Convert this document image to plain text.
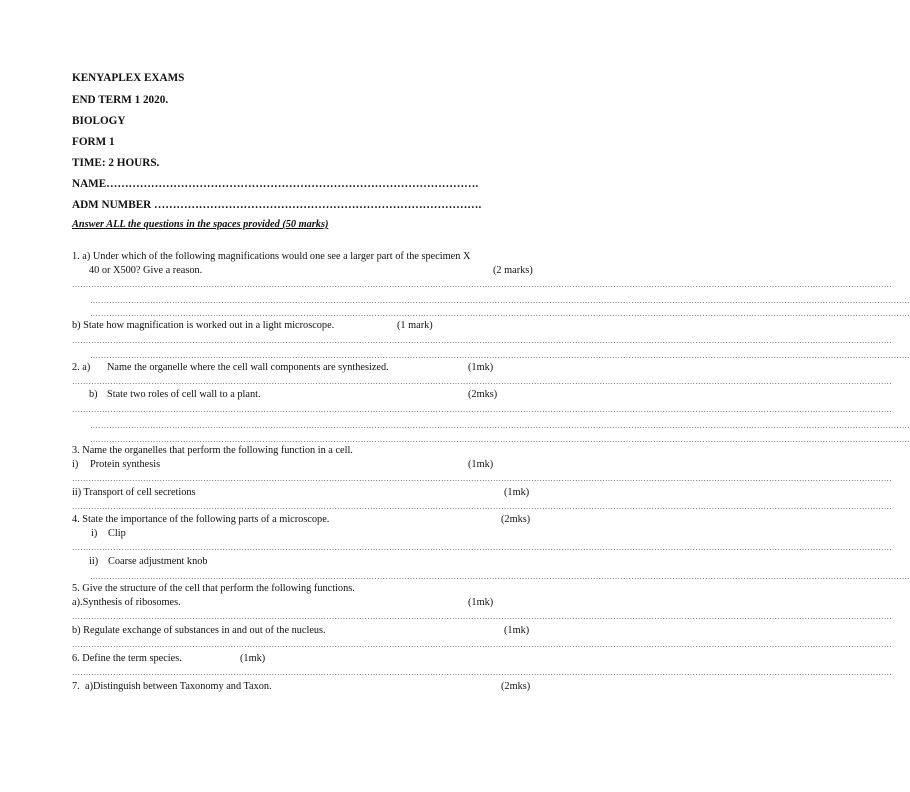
KENYAPLEX EXAMS
END TERM 1 2020.
BIOLOGY
FORM 1
TIME: 2 HOURS.
NAME……………………………………………………………………………………….
ADM NUMBER …………………………………………………………………………….
Answer ALL the questions in the spaces provided (50 marks)
1. a) Under which of the following magnifications would one see a larger part of the specimen X
40 or X500? Give a reason.	(2 marks)
…………………………………………………………………………………………………………………………………………………………………………………………………………………………………………………………………………
…………………………………………………………………………………………………………………………………………………………………………………………………………………………………………………………………………
…………………………………………………………………………………………………………………………………………………………………………………………………………………………………………………………………………
b) State how magnification is worked out in a light microscope.	(1 mark)
…………………………………………………………………………………………………………………………………………………………………………………………………………………………………………………………………………
…………………………………………………………………………………………………………………………………………………………………………………………………………………………………………………………………………
2. a) Name the organelle where the cell wall components are synthesized.	(1mk)
…………………………………………………………………………………………………………………………………………………………………………………………………………………………………………………………………………
b) State two roles of cell wall to a plant.	(2mks)
…………………………………………………………………………………………………………………………………………………………………………………………………………………………………………………………………………
…………………………………………………………………………………………………………………………………………………………………………………………………………………………………………………………………………
…………………………………………………………………………………………………………………………………………………………………………………………………………………………………………………………………………
3. Name the organelles that perform the following function in a cell.
i) Protein synthesis	(1mk)
…………………………………………………………………………………………………………………………………………………………………………………………………………………………………………………………………………
ii) Transport of cell secretions	(1mk)
…………………………………………………………………………………………………………………………………………………………………………………………………………………………………………………………………………
4. State the importance of the following parts of a microscope.	(2mks)
i) Clip
…………………………………………………………………………………………………………………………………………………………………………………………………………………………………………………………………………
ii) Coarse adjustment knob
…………………………………………………………………………………………………………………………………………………………………………………………………………………………………………………………………………
5. Give the structure of the cell that perform the following functions.
a).Synthesis of ribosomes.	(1mk)
…………………………………………………………………………………………………………………………………………………………………………………………………………………………………………………………………………
b) Regulate exchange of substances in and out of the nucleus.	(1mk)
…………………………………………………………………………………………………………………………………………………………………………………………………………………………………………………………………………
6. Define the term species.	(1mk)
…………………………………………………………………………………………………………………………………………………………………………………………………………………………………………………………………………
7. a)Distinguish between Taxonomy and Taxon.	(2mks)
